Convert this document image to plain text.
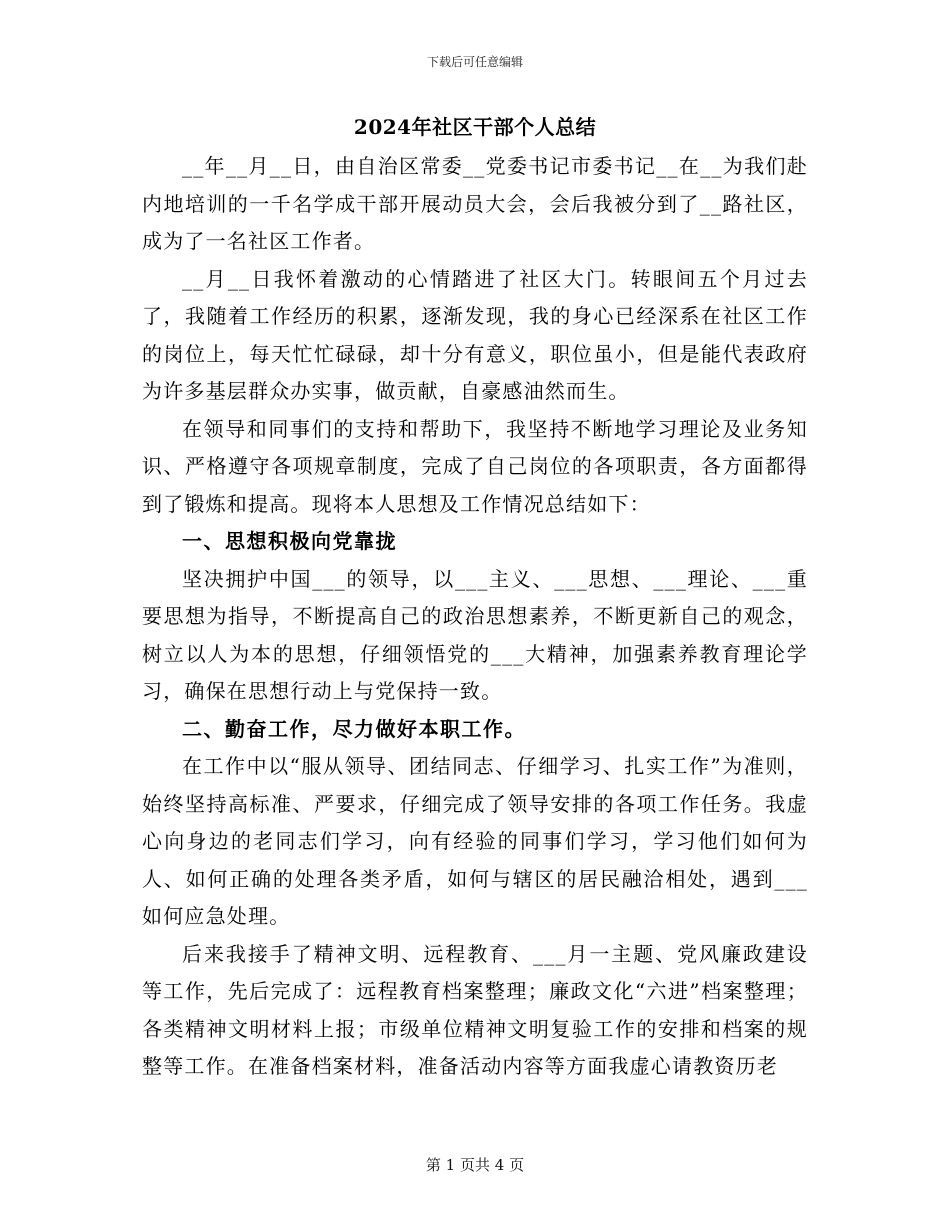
下载后可任意编辑
2024年社区干部个人总结

__年__月__日，由自治区常委__党委书记市委书记__在__为我们赴内地培训的一千名学成干部开展动员大会，会后我被分到了__路社区，成为了一名社区工作者。

__月__日我怀着激动的心情踏进了社区大门。转眼间五个月过去了，我随着工作经历的积累，逐渐发现，我的身心已经深系在社区工作的岗位上，每天忙忙碌碌，却十分有意义，职位虽小，但是能代表政府为许多基层群众办实事，做贡献，自豪感油然而生。

在领导和同事们的支持和帮助下，我坚持不断地学习理论及业务知识、严格遵守各项规章制度，完成了自己岗位的各项职责，各方面都得到了锻炼和提高。现将本人思想及工作情况总结如下：

一、思想积极向党靠拢

坚决拥护中国___的领导，以___主义、___思想、___理论、___重要思想为指导，不断提高自己的政治思想素养，不断更新自己的观念，树立以人为本的思想，仔细领悟党的___大精神，加强素养教育理论学习，确保在思想行动上与党保持一致。

二、勤奋工作，尽力做好本职工作。

在工作中以“服从领导、团结同志、仔细学习、扎实工作”为准则，始终坚持高标准、严要求，仔细完成了领导安排的各项工作任务。我虚心向身边的老同志们学习，向有经验的同事们学习，学习他们如何为人、如何正确的处理各类矛盾，如何与辖区的居民融洽相处，遇到___如何应急处理。

后来我接手了精神文明、远程教育、___月一主题、党风廉政建设等工作，先后完成了：远程教育档案整理；廉政文化“六进”档案整理；各类精神文明材料上报；市级单位精神文明复验工作的安排和档案的规整等工作。在准备档案材料，准备活动内容等方面我虚心请教资历老

第 1 页共 4 页
